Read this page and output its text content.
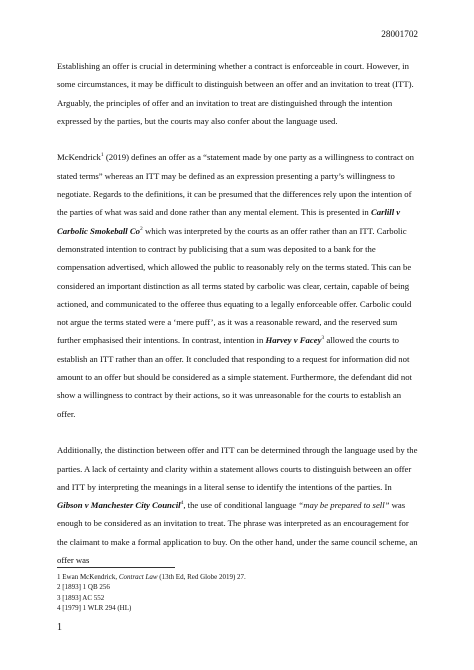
28001702

Establishing an offer is crucial in determining whether a contract is enforceable in court. However, in some circumstances, it may be difficult to distinguish between an offer and an invitation to treat (ITT). Arguably, the principles of offer and an invitation to treat are distinguished through the intention expressed by the parties, but the courts may also confer about the language used.

McKendrick$^1$ (2019) defines an offer as a “statement made by one party as a willingness to contract on stated terms” whereas an ITT may be defined as an expression presenting a party’s willingness to negotiate. Regards to the definitions, it can be presumed that the differences rely upon the intention of the parties of what was said and done rather than any mental element. This is presented in Carlill v Carbolic Smokeball Co$^2$ which was interpreted by the courts as an offer rather than an ITT. Carbolic demonstrated intention to contract by publicising that a sum was deposited to a bank for the compensation advertised, which allowed the public to reasonably rely on the terms stated. This can be considered an important distinction as all terms stated by carbolic was clear, certain, capable of being actioned, and communicated to the offeree thus equating to a legally enforceable offer. Carbolic could not argue the terms stated were a ‘mere puff’, as it was a reasonable reward, and the reserved sum further emphasised their intentions. In contrast, intention in Harvey v Facey$^3$ allowed the courts to establish an ITT rather than an offer. It concluded that responding to a request for information did not amount to an offer but should be considered as a simple statement. Furthermore, the defendant did not show a willingness to contract by their actions, so it was unreasonable for the courts to establish an offer.

Additionally, the distinction between offer and ITT can be determined through the language used by the parties. A lack of certainty and clarity within a statement allows courts to distinguish between an offer and ITT by interpreting the meanings in a literal sense to identify the intentions of the parties. In Gibson v Manchester City Council$^4$, the use of conditional language “may be prepared to sell” was enough to be considered as an invitation to treat. The phrase was interpreted as an encouragement for the claimant to make a formal application to buy. On the other hand, under the same council scheme, an offer was

1 Ewan McKendrick, Contract Law (13th Ed, Red Globe 2019) 27.
2 [1893] 1 QB 256
3 [1893] AC 552
4 [1979] 1 WLR 294 (HL)
1
